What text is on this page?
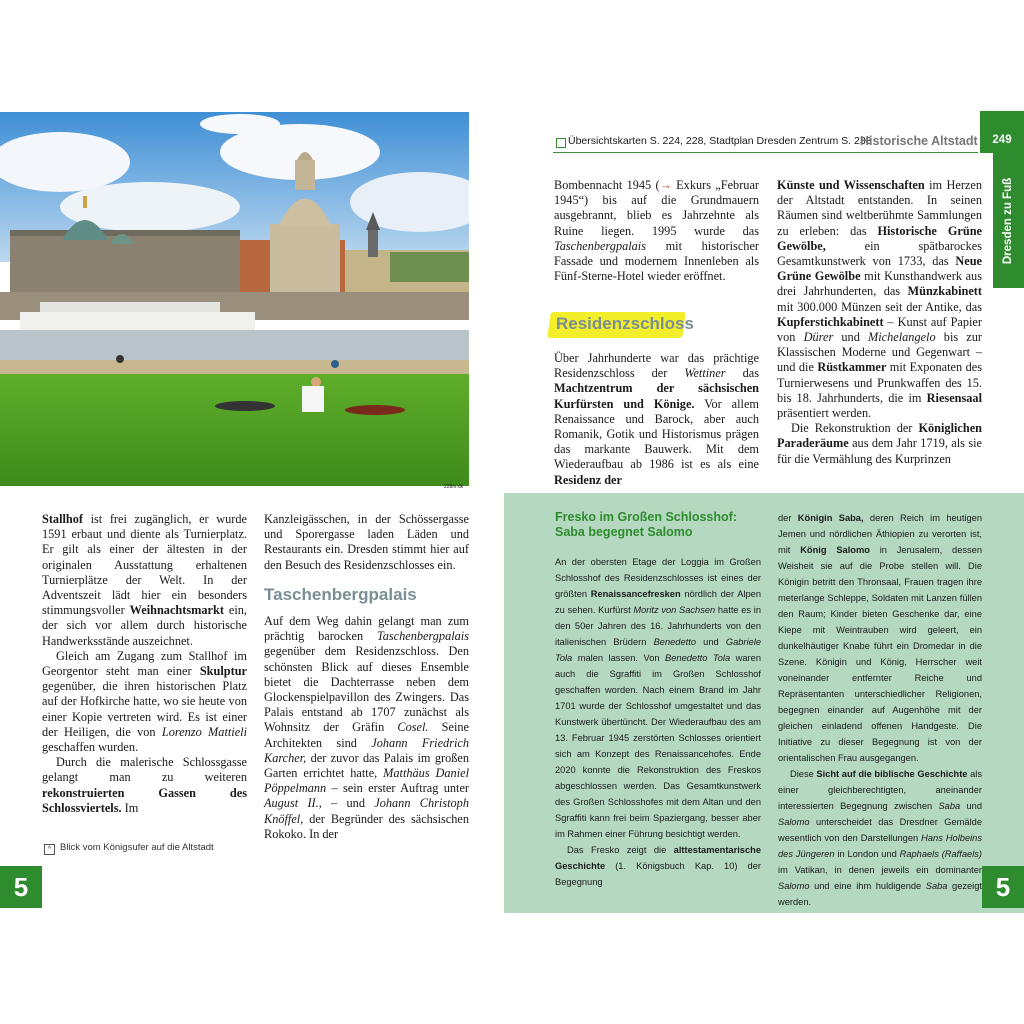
228rs dk

Stallhof ist frei zugänglich, er wurde 1591 erbaut und diente als Turnierplatz. Er gilt als einer der ältesten in der originalen Ausstattung erhaltenen Turnierplätze der Welt. In der Adventszeit lädt hier ein besonders stimmungsvoller Weihnachtsmarkt ein, der sich vor allem durch historische Handwerksstände auszeichnet.

Gleich am Zugang zum Stallhof im Georgentor steht man einer Skulptur gegenüber, die ihren historischen Platz auf der Hofkirche hatte, wo sie heute von einer Kopie vertreten wird. Es ist einer der Heiligen, die von Lorenzo Mattieli geschaffen wurden.

Durch die malerische Schlossgasse gelangt man zu weiteren rekonstruierten Gassen des Schlossviertels. Im

Kanzleigässchen, in der Schössergasse und Sporergasse laden Läden und Restaurants ein. Dresden stimmt hier auf den Besuch des Residenzschlosses ein.

Taschenbergpalais

Auf dem Weg dahin gelangt man zum prächtig barocken Taschenbergpalais gegenüber dem Residenzschloss. Den schönsten Blick auf dieses Ensemble bietet die Dachterrasse neben dem Glockenspielpavillon des Zwingers. Das Palais entstand ab 1707 zunächst als Wohnsitz der Gräfin Cosel. Seine Architekten sind Johann Friedrich Karcher, der zuvor das Palais im großen Garten errichtet hatte, Matthäus Daniel Pöppelmann – sein erster Auftrag unter August II., – und Johann Christoph Knöffel, der Begründer des sächsischen Rokoko. In der

^ Blick vom Königsufer auf die Altstadt
5
Übersichtskarten S. 224, 228, Stadtplan Dresden Zentrum S. 238
Historische Altstadt	249
Dresden zu Fuß

Bombennacht 1945 (→ Exkurs „Februar 1945“) bis auf die Grundmauern ausgebrannt, blieb es Jahrzehnte als Ruine liegen. 1995 wurde das Taschenbergpalais mit historischer Fassade und modernem Innenleben als Fünf-Sterne-Hotel wieder eröffnet.

Residenzschloss

Über Jahrhunderte war das prächtige Residenzschloss der Wettiner das Machtzentrum der sächsischen Kurfürsten und Könige. Vor allem Renaissance und Barock, aber auch Romanik, Gotik und Historismus prägen das markante Bauwerk. Mit dem Wiederaufbau ab 1986 ist es als eine Residenz der

Künste und Wissenschaften im Herzen der Altstadt entstanden. In seinen Räumen sind weltberühmte Sammlungen zu erleben: das Historische Grüne Gewölbe, ein spätbarockes Gesamtkunstwerk von 1733, das Neue Grüne Gewölbe mit Kunsthandwerk aus drei Jahrhunderten, das Münzkabinett mit 300.000 Münzen seit der Antike, das Kupferstichkabinett – Kunst auf Papier von Dürer und Michelangelo bis zur Klassischen Moderne und Gegenwart – und die Rüstkammer mit Exponaten des Turnierwesens und Prunkwaffen des 15. bis 18. Jahrhunderts, die im Riesensaal präsentiert werden.

Die Rekonstruktion der Königlichen Paraderäume aus dem Jahr 1719, als sie für die Vermählung des Kurprinzen

Fresko im Großen Schlosshof:
Saba begegnet Salomo

An der obersten Etage der Loggia im Großen Schlosshof des Residenzschlosses ist eines der größten Renaissancefresken nördlich der Alpen zu sehen. Kurfürst Moritz von Sachsen hatte es in den 50er Jahren des 16. Jahrhunderts von den italienischen Brüdern Benedetto und Gabriele Tola malen lassen. Von Benedetto Tola waren auch die Sgraffiti im Großen Schlosshof geschaffen worden. Nach einem Brand im Jahr 1701 wurde der Schlosshof umgestaltet und das Kunstwerk übertüncht. Der Wiederaufbau des am 13. Februar 1945 zerstörten Schlosses orientiert sich am Konzept des Renaissancehofes. Ende 2020 konnte die Rekonstruktion des Freskos abgeschlossen werden. Das Gesamtkunstwerk des Großen Schlosshofes mit dem Altan und den Sgraffiti kann frei beim Spaziergang, besser aber im Rahmen einer Führung besichtigt werden.

Das Fresko zeigt die alttestamentarische Geschichte (1. Königsbuch Kap. 10) der Begegnung

der Königin Saba, deren Reich im heutigen Jemen und nördlichen Äthiopien zu verorten ist, mit König Salomo in Jerusalem, dessen Weisheit sie auf die Probe stellen will. Die Königin betritt den Thronsaal, Frauen tragen ihre meterlange Schleppe, Soldaten mit Lanzen füllen den Raum; Kinder bieten Geschenke dar, eine Kiepe mit Weintrauben wird geleert, ein dunkelhäutiger Knabe führt ein Dromedar in die Szene. Königin und König, Herrscher weit voneinander entfernter Reiche und Repräsentanten unterschiedlicher Religionen, begegnen einander auf Augenhöhe mit der gleichen einladend offenen Handgeste. Die Initiative zu dieser Begegnung ist von der orientalischen Frau ausgegangen.

Diese Sicht auf die biblische Geschichte als einer gleichberechtigten, aneinander interessierten Begegnung zwischen Saba und Salomo unterscheidet das Dresdner Gemälde wesentlich von den Darstellungen Hans Holbeins des Jüngeren in London und Raphaels (Raffaels) im Vatikan, in denen jeweils ein dominanter Salomo und eine ihm huldigende Saba gezeigt werden.

5
